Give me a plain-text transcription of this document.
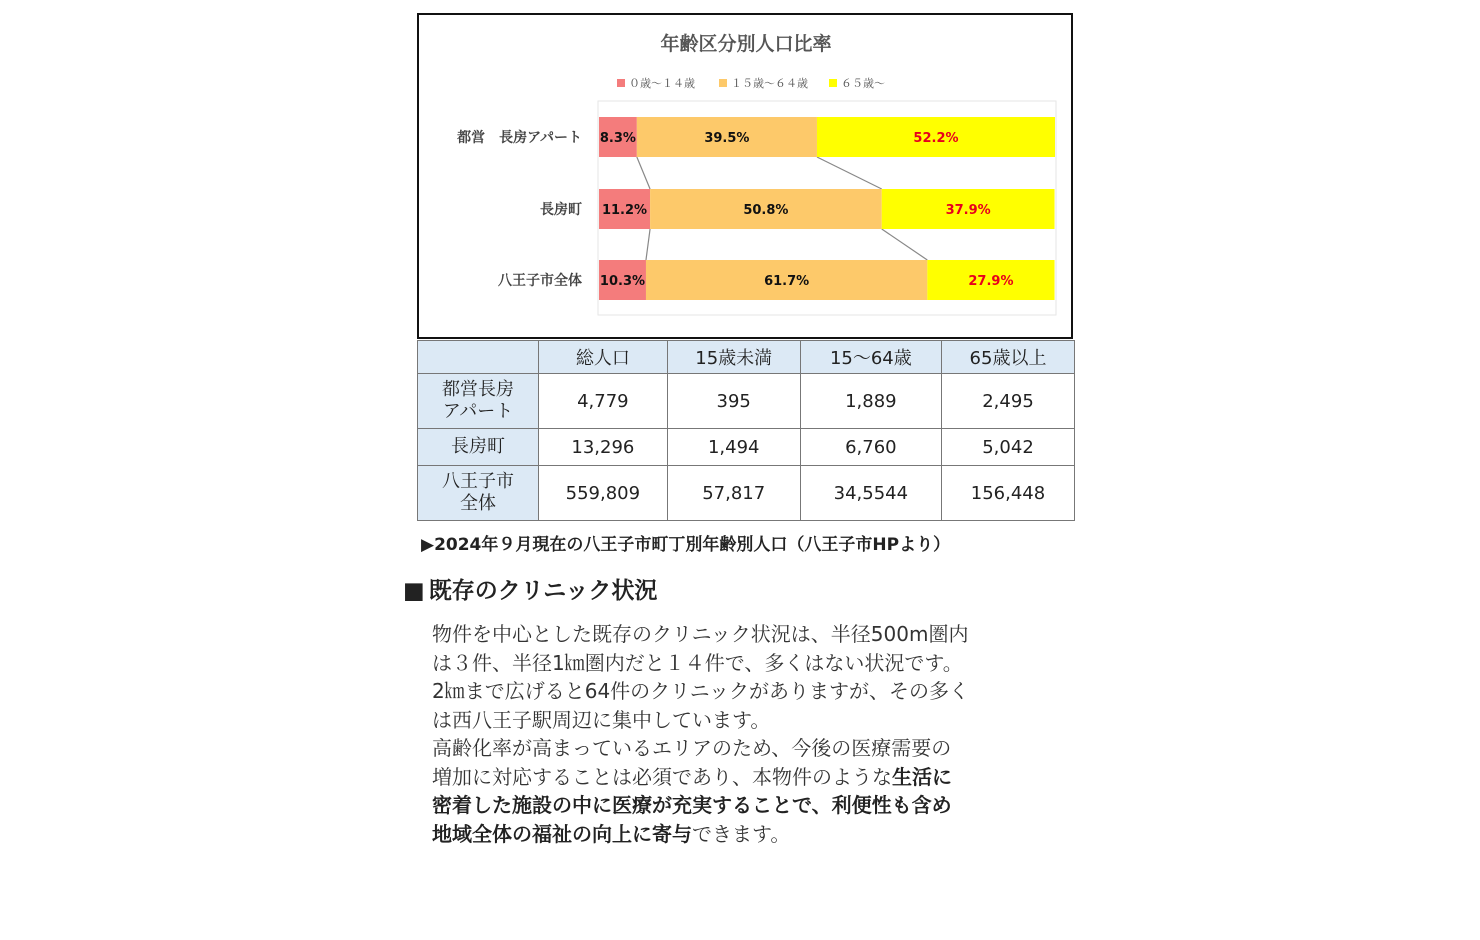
年齢区分別人口比率
０歳～１４歳	１５歳～６４歳	６５歳～
8.3%	39.5%	52.2%
11.2%	50.8%	37.9%
10.3%	61.7%	27.9%
都営　長房アパート
長房町
八王子市全体
	総人口	15歳未満	15～64歳	65歳以上
都営長房
アパート	4,779	395	1,889	2,495
長房町	13,296	1,494	6,760	5,042
八王子市
全体	559,809	57,817	34,5544	156,448
▶2024年９月現在の八王子市町丁別年齢別人口（八王子市HPより）
■ 既存のクリニック状況
物件を中心とした既存のクリニック状況は、半径500m圏内
は３件、半径1㎞圏内だと１４件で、多くはない状況です。
2㎞まで広げると64件のクリニックがありますが、その多く
は西八王子駅周辺に集中しています。
高齢化率が高まっているエリアのため、今後の医療需要の
増加に対応することは必須であり、本物件のような生活に
密着した施設の中に医療が充実することで、利便性も含め
地域全体の福祉の向上に寄与できます。
